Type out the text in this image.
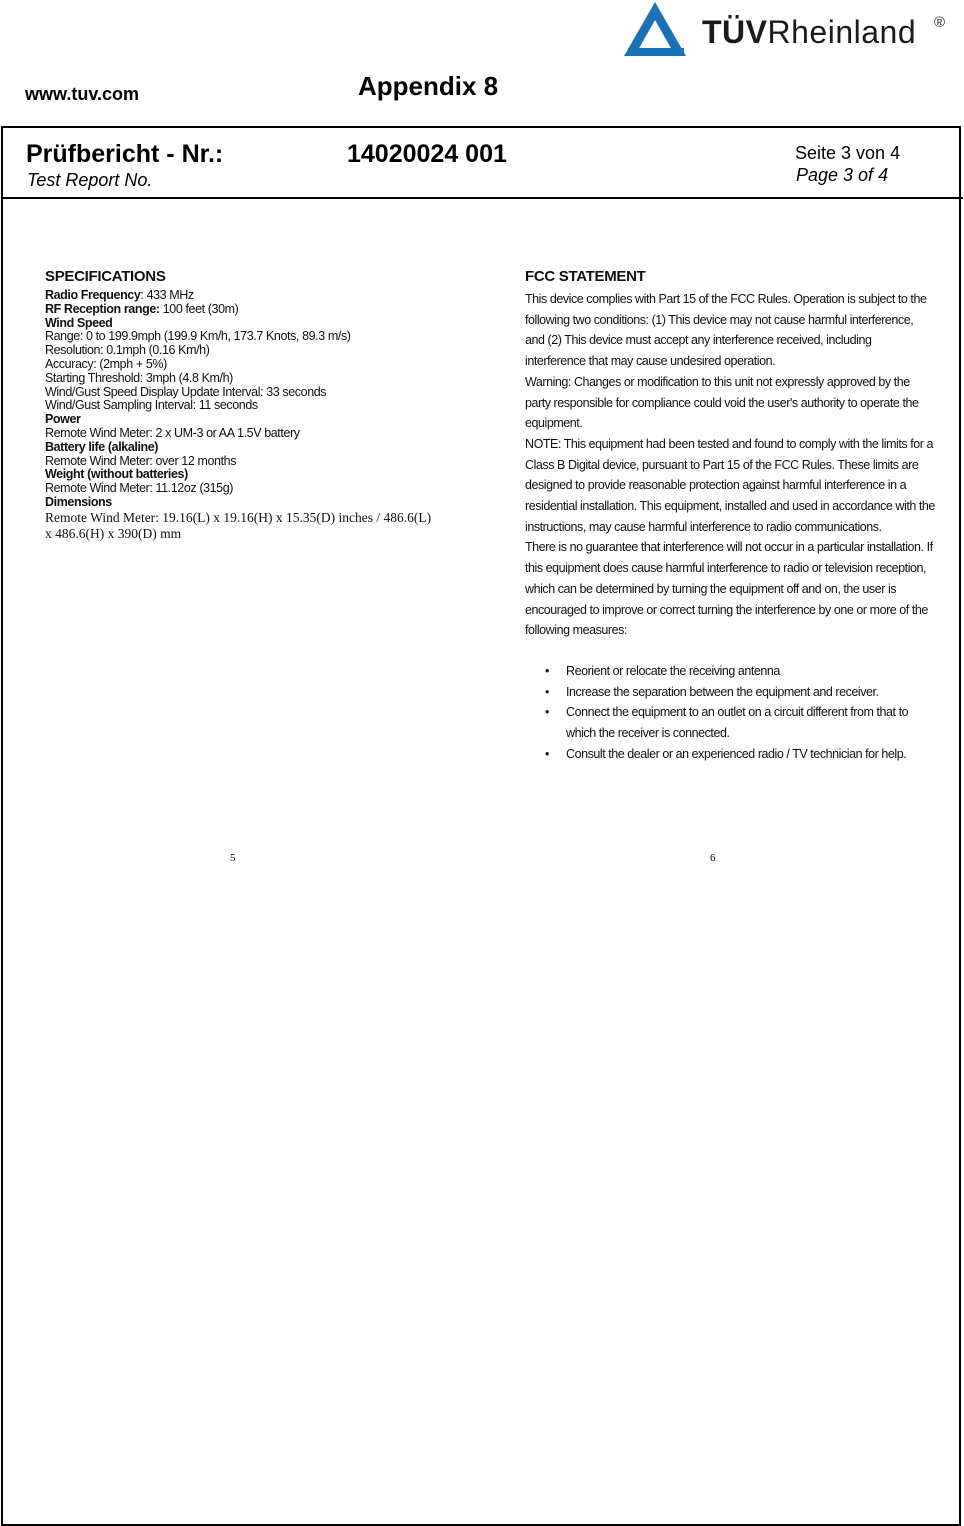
www.tuv.com	Appendix 8
TÜVRheinland ®
Prüfbericht - Nr.:
Test Report No.
14020024 001	Seite 3 von 4
Page 3 of 4
SPECIFICATIONS
Radio Frequency: 433 MHz
RF Reception range: 100 feet (30m)
Wind Speed
Range: 0 to 199.9mph (199.9 Km/h, 173.7 Knots, 89.3 m/s)
Resolution: 0.1mph (0.16 Km/h)
Accuracy: (2mph + 5%)
Starting Threshold: 3mph (4.8 Km/h)
Wind/Gust Speed Display Update Interval: 33 seconds
Wind/Gust Sampling Interval: 11 seconds
Power
Remote Wind Meter: 2 x UM-3 or AA 1.5V battery
Battery life (alkaline)
Remote Wind Meter: over 12 months
Weight (without batteries)
Remote Wind Meter: 11.12oz (315g)
Dimensions
Remote Wind Meter: 19.16(L) x 19.16(H) x 15.35(D) inches / 486.6(L)
x 486.6(H) x 390(D) mm
FCC STATEMENT

This device complies with Part 15 of the FCC Rules. Operation is subject to the following two conditions: (1) This device may not cause harmful interference, and (2) This device must accept any interference received, including interference that may cause undesired operation.

Warning: Changes or modification to this unit not expressly approved by the party responsible for compliance could void the user's authority to operate the equipment.

NOTE: This equipment had been tested and found to comply with the limits for a Class B Digital device, pursuant to Part 15 of the FCC Rules. These limits are designed to provide reasonable protection against harmful interference in a residential installation. This equipment, installed and used in accordance with the instructions, may cause harmful interference to radio communications.

There is no guarantee that interference will not occur in a particular installation. If this equipment does cause harmful interference to radio or television reception, which can be determined by turning the equipment off and on, the user is encouraged to improve or correct turning the interference by one or more of the following measures:

• Reorient or relocate the receiving antenna
• Increase the separation between the equipment and receiver.
• Connect the equipment to an outlet on a circuit different from that to which the receiver is connected.
• Consult the dealer or an experienced radio / TV technician for help.
5	6
